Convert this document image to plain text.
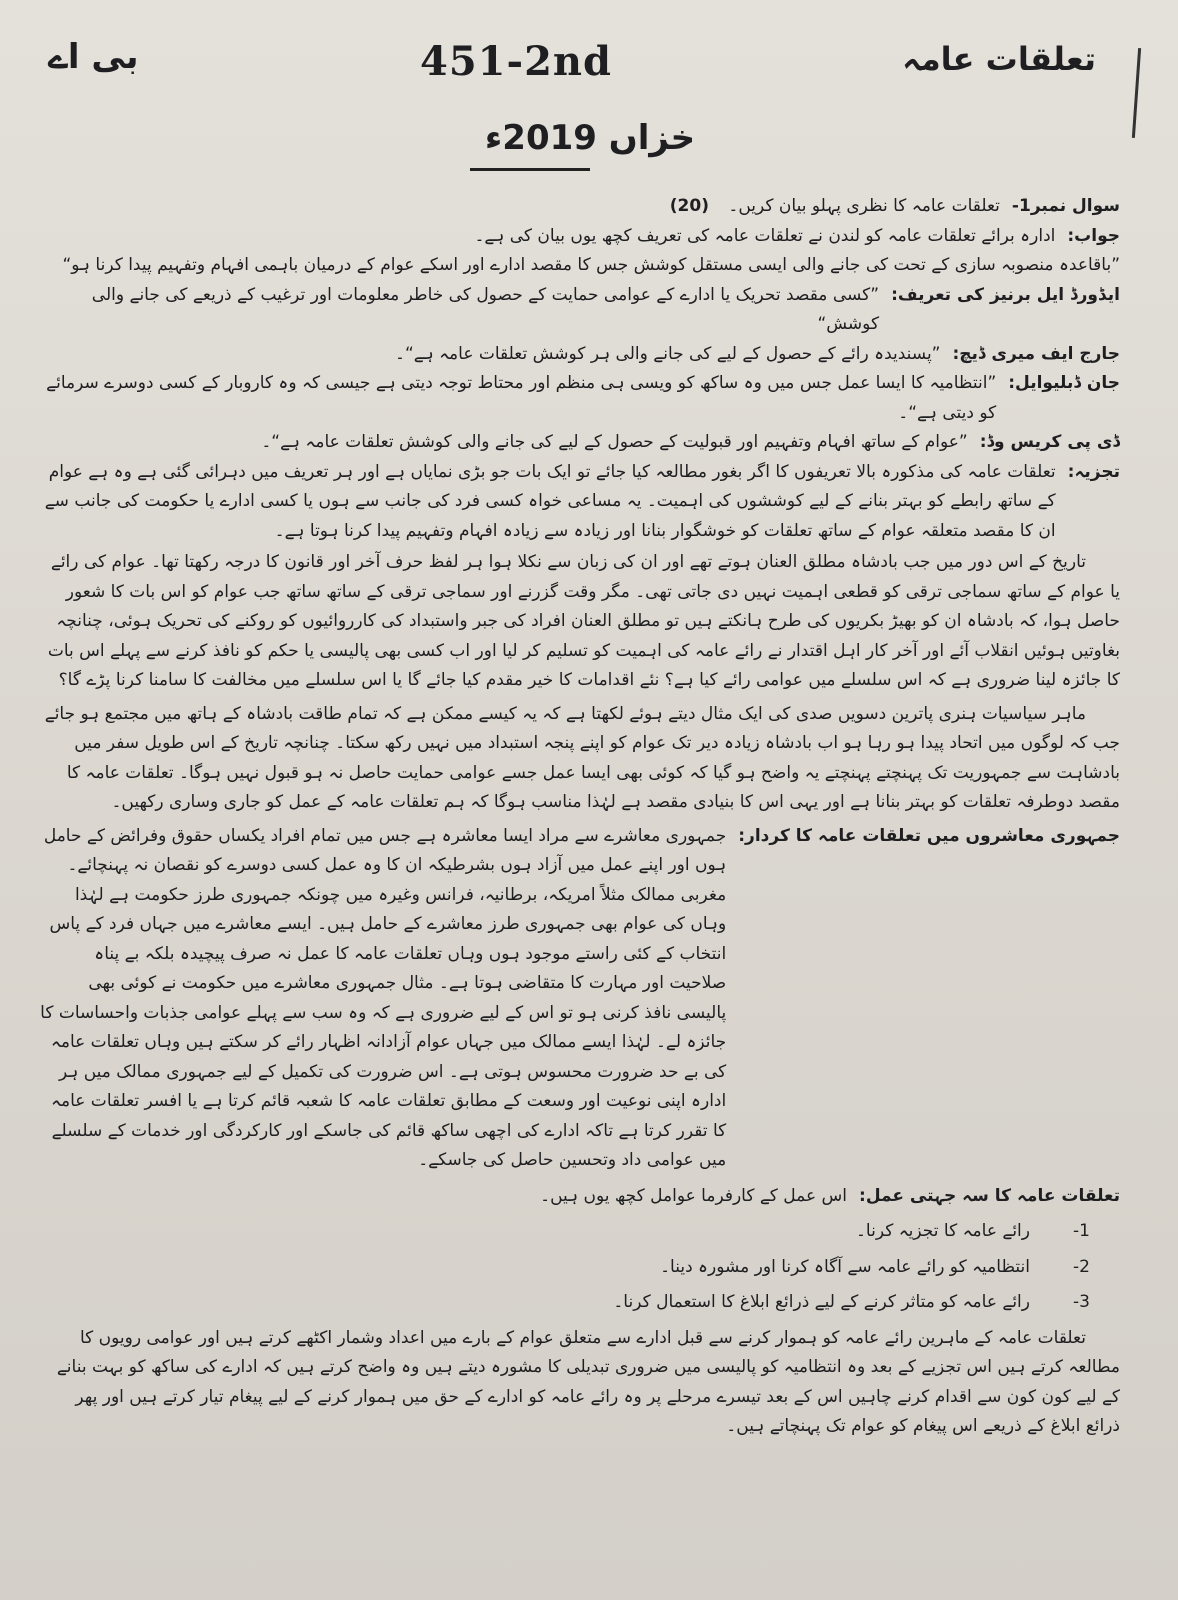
بی اے	451-2nd	تعلقات عامہ
خزاں 2019ء
سوال نمبر1-
تعلقات عامہ کا نظری پہلو بیان کریں۔ (20)
جواب:
ادارہ برائے تعلقات عامہ کو لندن نے تعلقات عامہ کی تعریف کچھ یوں بیان کی ہے۔
”باقاعدہ منصوبہ سازی کے تحت کی جانے والی ایسی مستقل کوشش جس کا مقصد ادارے اور اسکے عوام کے درمیان باہمی افہام وتفہیم پیدا کرنا ہو“
ایڈورڈ ایل برنیز کی تعریف:
”کسی مقصد تحریک یا ادارے کے عوامی حمایت کے حصول کی خاطر معلومات اور ترغیب کے ذریعے کی جانے والی کوشش“
جارج ایف میری ڈیچ:
”پسندیدہ رائے کے حصول کے لیے کی جانے والی ہر کوشش تعلقات عامہ ہے“۔
جان ڈبلیوایل:
”انتظامیہ کا ایسا عمل جس میں وہ ساکھ کو ویسی ہی منظم اور محتاط توجہ دیتی ہے جیسی کہ وہ کاروبار کے کسی دوسرے سرمائے کو دیتی ہے“۔
ڈی پی کریس وڈ:
”عوام کے ساتھ افہام وتفہیم اور قبولیت کے حصول کے لیے کی جانے والی کوشش تعلقات عامہ ہے“۔
تجزیہ:
تعلقات عامہ کی مذکورہ بالا تعریفوں کا اگر بغور مطالعہ کیا جائے تو ایک بات جو بڑی نمایاں ہے اور ہر تعریف میں دہرائی گئی ہے وہ ہے عوام کے ساتھ رابطے کو بہتر بنانے کے لیے کوششوں کی اہمیت۔ یہ مساعی خواہ کسی فرد کی جانب سے ہوں یا کسی ادارے یا حکومت کی جانب سے ان کا مقصد متعلقہ عوام کے ساتھ تعلقات کو خوشگوار بنانا اور زیادہ سے زیادہ افہام وتفہیم پیدا کرنا ہوتا ہے۔
تاریخ کے اس دور میں جب بادشاہ مطلق العنان ہوتے تھے اور ان کی زبان سے نکلا ہوا ہر لفظ حرف آخر اور قانون کا درجہ رکھتا تھا۔ عوام کی رائے یا عوام کے ساتھ سماجی ترقی کو قطعی اہمیت نہیں دی جاتی تھی۔ مگر وقت گزرنے اور سماجی ترقی کے ساتھ ساتھ جب عوام کو اس بات کا شعور حاصل ہوا، کہ بادشاہ ان کو بھیڑ بکریوں کی طرح ہانکتے ہیں تو مطلق العنان افراد کی جبر واستبداد کی کارروائیوں کو روکنے کی تحریک ہوئی، چنانچہ بغاوتیں ہوئیں انقلاب آئے اور آخر کار اہل اقتدار نے رائے عامہ کی اہمیت کو تسلیم کر لیا اور اب کسی بھی پالیسی یا حکم کو نافذ کرنے سے پہلے اس بات کا جائزہ لینا ضروری ہے کہ اس سلسلے میں عوامی رائے کیا ہے؟ نئے اقدامات کا خیر مقدم کیا جائے گا یا اس سلسلے میں مخالفت کا سامنا کرنا پڑے گا؟
ماہر سیاسیات ہنری پاترین دسویں صدی کی ایک مثال دیتے ہوئے لکھتا ہے کہ یہ کیسے ممکن ہے کہ تمام طاقت بادشاہ کے ہاتھ میں مجتمع ہو جائے جب کہ لوگوں میں اتحاد پیدا ہو رہا ہو اب بادشاہ زیادہ دیر تک عوام کو اپنے پنجہ استبداد میں نہیں رکھ سکتا۔ چنانچہ تاریخ کے اس طویل سفر میں بادشاہت سے جمہوریت تک پہنچتے پہنچتے یہ واضح ہو گیا کہ کوئی بھی ایسا عمل جسے عوامی حمایت حاصل نہ ہو قبول نہیں ہوگا۔ تعلقات عامہ کا مقصد دوطرفہ تعلقات کو بہتر بنانا ہے اور یہی اس کا بنیادی مقصد ہے لہٰذا مناسب ہوگا کہ ہم تعلقات عامہ کے عمل کو جاری وساری رکھیں۔
جمہوری معاشروں میں تعلقات عامہ کا کردار:
جمہوری معاشرے سے مراد ایسا معاشرہ ہے جس میں تمام افراد یکساں حقوق وفرائض کے حامل ہوں اور اپنے عمل میں آزاد ہوں بشرطیکہ ان کا وہ عمل کسی دوسرے کو نقصان نہ پہنچائے۔ مغربی ممالک مثلاً امریکہ، برطانیہ، فرانس وغیرہ میں چونکہ جمہوری طرز حکومت ہے لہٰذا وہاں کی عوام بھی جمہوری طرز معاشرے کے حامل ہیں۔ ایسے معاشرے میں جہاں فرد کے پاس انتخاب کے کئی راستے موجود ہوں وہاں تعلقات عامہ کا عمل نہ صرف پیچیدہ بلکہ بے پناہ صلاحیت اور مہارت کا متقاضی ہوتا ہے۔ مثال جمہوری معاشرے میں حکومت نے کوئی بھی پالیسی نافذ کرنی ہو تو اس کے لیے ضروری ہے کہ وہ سب سے پہلے عوامی جذبات واحساسات کا جائزہ لے۔ لہٰذا ایسے ممالک میں جہاں عوام آزادانہ اظہار رائے کر سکتے ہیں وہاں تعلقات عامہ کی بے حد ضرورت محسوس ہوتی ہے۔ اس ضرورت کی تکمیل کے لیے جمہوری ممالک میں ہر ادارہ اپنی نوعیت اور وسعت کے مطابق تعلقات عامہ کا شعبہ قائم کرتا ہے یا افسر تعلقات عامہ کا تقرر کرتا ہے تاکہ ادارے کی اچھی ساکھ قائم کی جاسکے اور کارکردگی اور خدمات کے سلسلے میں عوامی داد وتحسین حاصل کی جاسکے۔
تعلقات عامہ کا سہ جہتی عمل:
اس عمل کے کارفرما عوامل کچھ یوں ہیں۔
1-
رائے عامہ کا تجزیہ کرنا۔
2-
انتظامیہ کو رائے عامہ سے آگاہ کرنا اور مشورہ دینا۔
3-
رائے عامہ کو متاثر کرنے کے لیے ذرائع ابلاغ کا استعمال کرنا۔
تعلقات عامہ کے ماہرین رائے عامہ کو ہموار کرنے سے قبل ادارے سے متعلق عوام کے بارے میں اعداد وشمار اکٹھے کرتے ہیں اور عوامی رویوں کا مطالعہ کرتے ہیں اس تجزیے کے بعد وہ انتظامیہ کو پالیسی میں ضروری تبدیلی کا مشورہ دیتے ہیں وہ واضح کرتے ہیں کہ ادارے کی ساکھ کو بہت بنانے کے لیے کون کون سے اقدام کرنے چاہیں اس کے بعد تیسرے مرحلے پر وہ رائے عامہ کو ادارے کے حق میں ہموار کرنے کے لیے پیغام تیار کرتے ہیں اور پھر ذرائع ابلاغ کے ذریعے اس پیغام کو عوام تک پہنچاتے ہیں۔
